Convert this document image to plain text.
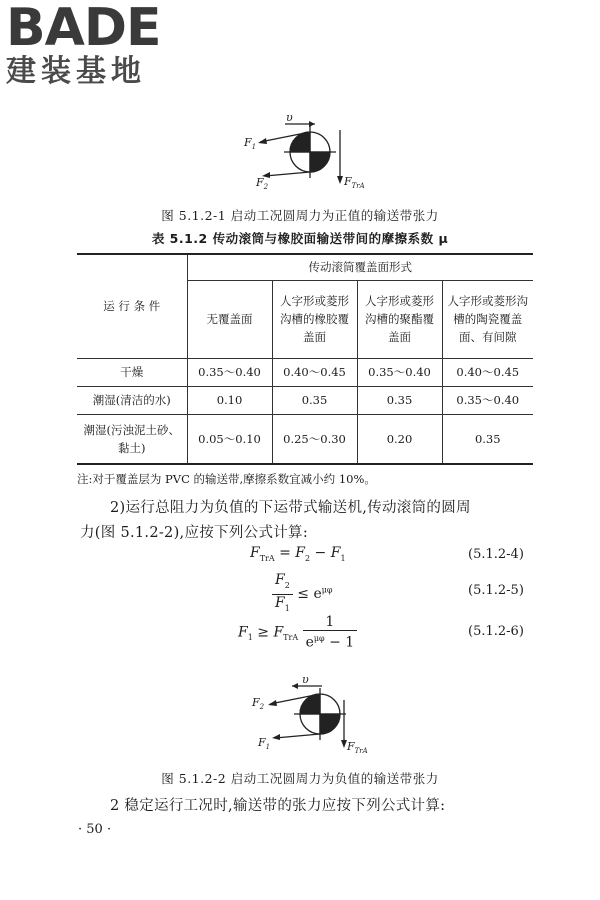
BADE
建装基地
υ
$F_1$
$F_2$	$F_{TrA}$
图 5.1.2-1 启动工况圆周力为正值的输送带张力
表 5.1.2 传动滚筒与橡胶面输送带间的摩擦系数 μ
运 行 条 件	传动滚筒覆盖面形式			
	无覆盖面	人字形或菱形沟槽的橡胶覆盖面	人字形或菱形沟槽的聚酯覆盖面	人字形或菱形沟槽的陶瓷覆盖面、有间隙
干燥	0.35～0.40	0.40～0.45	0.35～0.40	0.40～0.45
潮湿(清洁的水)	0.10	0.35	0.35	0.35～0.40
潮湿(污浊泥土砂、黏土)	0.05～0.10	0.25～0.30	0.20	0.35
注:对于覆盖层为 PVC 的输送带,摩擦系数宜减小约 10%。
2)运行总阻力为负值的下运带式输送机,传动滚筒的圆周
力(图 5.1.2-2),应按下列公式计算:
$F_{TrA} = F_2 - F_1$	(5.1.2-4)
$\frac{F_2}{F_1} \le e^{\mu\varphi}$	(5.1.2-5)
$F_1 \ge F_{TrA} \frac{1}{e^{\mu\varphi} - 1}$	(5.1.2-6)
υ
$F_2$
$F_1$	$F_{TrA}$
图 5.1.2-2 启动工况圆周力为负值的输送带张力
2 稳定运行工况时,输送带的张力应按下列公式计算:
· 50 ·
